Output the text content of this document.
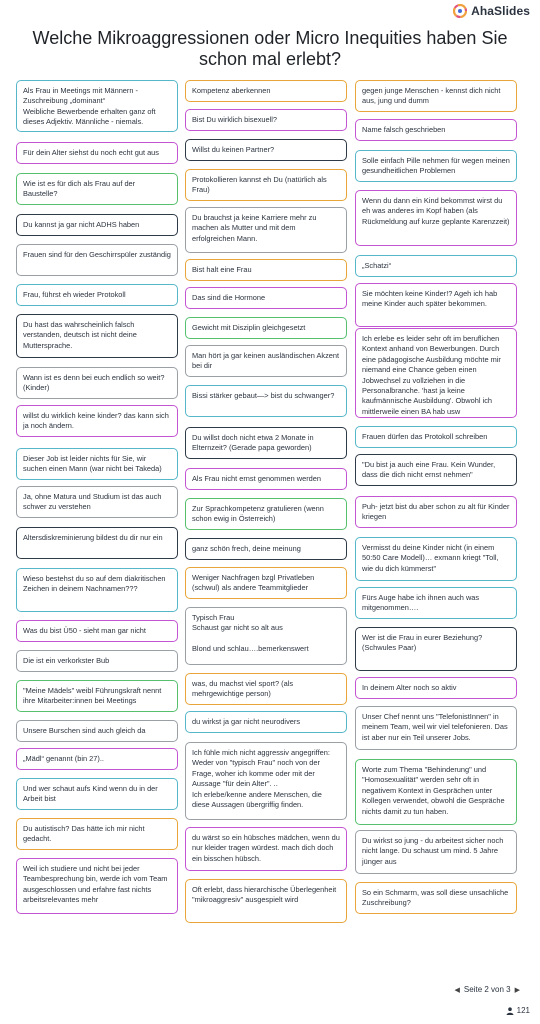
AhaSlides
Welche Mikroaggressionen oder Micro Inequities haben Sie schon mal erlebt?
Als Frau in Meetings mit Männern - Zuschreibung „dominant“
Weibliche Bewerbende erhalten ganz oft dieses Adjektiv. Männliche - niemals.
Für dein Alter siehst du noch echt gut aus
Wie ist es für dich als Frau auf der Baustelle?
Du kannst ja gar nicht ADHS haben
Frauen sind für den Geschirrspüler zuständig
Frau, führst eh wieder Protokoll
Du hast das wahrscheinlich falsch verstanden, deutsch ist nicht deine Muttersprache.
Wann ist es denn bei euch endlich so weit? (Kinder)
willst du wirklich keine kinder? das kann sich ja noch ändern.
Dieser Job ist leider nichts für Sie, wir suchen einen Mann (war nicht bei Takeda)
Ja, ohne Matura und Studium ist das auch schwer zu verstehen
Altersdiskreminierung bildest du dir nur ein
Wieso bestehst du so auf dem diakritischen Zeichen in deinem Nachnamen???
Was du bist Ü50 - sieht man gar nicht
Die ist ein verkorkster Bub
"Meine Mädels" weibl Führungskraft nennt ihre Mitarbeiter:innen bei Meetings
Unsere Burschen sind auch gleich da
„Mädl“ genannt (bin 27)..
Und wer schaut aufs Kind wenn du in der Arbeit bist
Du autistisch? Das hätte ich mir nicht gedacht.
Weil ich studiere und nicht bei jeder Teambesprechung bin, werde ich vom Team ausgeschlossen und erfahre fast nichts arbeitsrelevantes mehr
Kompetenz aberkennen
Bist Du wirklich bisexuell?
Willst du keinen Partner?
Protokollieren kannst eh Du (natürlich als Frau)
Du brauchst ja keine Karriere mehr zu machen als Mutter und mit dem erfolgreichen Mann.
Bist halt eine Frau
Das sind die Hormone
Gewicht mit Disziplin gleichgesetzt
Man hört ja gar keinen ausländischen Akzent bei dir
Bissi stärker gebaut—> bist du schwanger?
Du willst doch nicht etwa 2 Monate in Elternzeit? (Gerade papa geworden)
Als Frau nicht ernst genommen werden
Zur Sprachkompetenz gratulieren (wenn schon ewig in Österreich)
ganz schön frech, deine meinung
Weniger Nachfragen bzgl Privatleben (schwul) als andere Teammitglieder
Typisch Frau
Schaust gar nicht so alt aus

Blond und schlau….bemerkenswert
was, du machst viel sport? (als mehrgewichtige person)
du wirkst ja gar nicht neurodivers
Ich fühle mich nicht aggressiv angegriffen: Weder von "typisch Frau" noch von der Frage, woher ich komme oder mit der Aussage "für dein Alter". ..
Ich erlebe/kenne andere Menschen, die diese Aussagen übergriffig finden.
du wärst so ein hübsches mädchen, wenn du nur kleider tragen würdest. mach dich doch ein bisschen hübsch.
Oft erlebt, dass hierarchische Überlegenheit "mikroaggresiv" ausgespielt wird
gegen junge Menschen - kennst dich nicht aus, jung und dumm
Name falsch geschrieben
Solle einfach Pille nehmen für wegen meinen gesundheitlichen Problemen
Wenn du dann ein Kind bekommst wirst du eh was anderes im Kopf haben (als Rückmeldung auf kurze geplante Karenzzeit)
„Schatzi“
Sie möchten keine Kinder!? Ageh ich hab meine Kinder auch später bekommen.
Ich erlebe es leider sehr oft im beruflichen Kontext anhand von Bewerbungen. Durch eine pädagogische Ausbildung möchte mir niemand eine Chance geben einen Jobwechsel zu vollziehen in die Personalbranche. 'hast ja keine kaufmännische Ausbildung'. Obwohl ich mittlerweile einen BA hab usw
Frauen dürfen das Protokoll schreiben
"Du bist ja auch eine Frau. Kein Wunder, dass die dich nicht ernst nehmen"
Puh- jetzt bist du aber schon zu alt für Kinder kriegen
Vermisst du deine Kinder nicht (in einem 50:50 Care Modell)… exmann kriegt "Toll, wie du dich kümmerst"
Fürs Auge habe ich ihnen auch was mitgenommen….
Wer ist die Frau in eurer Beziehung? (Schwules Paar)
In deinem Alter noch so aktiv
Unser Chef nennt uns "TelefonistInnen" in meinem Team, weil wir viel telefonieren. Das ist aber nur ein Teil unserer Jobs.
Worte zum Thema "Behinderung" und "Homosexualität" werden sehr oft in negativem Kontext in Gesprächen unter Kollegen verwendet, obwohl die Gespräche nichts damit zu tun haben.
Du wirkst so jung - du arbeitest sicher noch nicht lange. Du schaust um mind. 5 Jahre jünger aus
So ein Schmarrn, was soll diese unsachliche Zuschreibung?
◀ Seite 2 von 3 ▶
121
